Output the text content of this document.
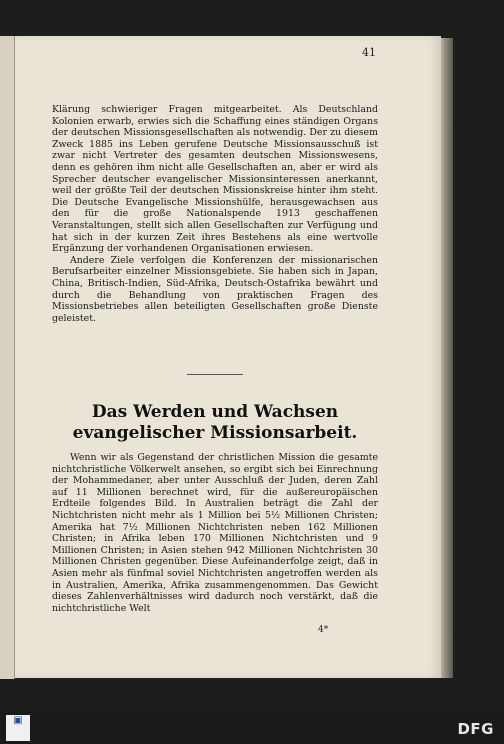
41

Klärung schwieriger Fragen mitgearbeitet. Als Deutschland Kolonien erwarb, erwies sich die Schaffung eines ständigen Organs der deutschen Missionsgesellschaften als notwendig. Der zu diesem Zweck 1885 ins Leben gerufene Deutsche Missionsausschuß ist zwar nicht Vertreter des gesamten deutschen Missionswesens, denn es gehören ihm nicht alle Gesellschaften an, aber er wird als Sprecher deutscher evangelischer Missionsinteressen anerkannt, weil der größte Teil der deutschen Missionskreise hinter ihm steht. Die Deutsche Evangelische Missionshülfe, herausgewachsen aus den für die große Nationalspende 1913 geschaffenen Veranstaltungen, stellt sich allen Gesellschaften zur Verfügung und hat sich in der kurzen Zeit ihres Bestehens als eine wertvolle Ergänzung der vorhandenen Organisationen erwiesen.

Andere Ziele verfolgen die Konferenzen der missionarischen Berufsarbeiter einzelner Missionsgebiete. Sie haben sich in Japan, China, Britisch-Indien, Süd-Afrika, Deutsch-Ostafrika bewährt und durch die Behandlung von praktischen Fragen des Missionsbetriebes allen beteiligten Gesellschaften große Dienste geleistet.

Das Werden und Wachsen evangelischer Missionsarbeit.

Wenn wir als Gegenstand der christlichen Mission die gesamte nichtchristliche Völkerwelt ansehen, so ergibt sich bei Einrechnung der Mohammedaner, aber unter Ausschluß der Juden, deren Zahl auf 11 Millionen berechnet wird, für die außereuropäischen Erdteile folgendes Bild. In Australien beträgt die Zahl der Nichtchristen nicht mehr als 1 Million bei 5½ Millionen Christen; Amerika hat 7½ Millionen Nichtchristen neben 162 Millionen Christen; in Afrika leben 170 Millionen Nichtchristen und 9 Millionen Christen; in Asien stehen 942 Millionen Nichtchristen 30 Millionen Christen gegenüber. Diese Aufeinanderfolge zeigt, daß in Asien mehr als fünfmal soviel Nichtchristen angetroffen werden als in Australien, Amerika, Afrika zusammengenommen. Das Gewicht dieses Zahlenverhältnisses wird dadurch noch verstärkt, daß die nichtchristliche Welt

4*
▣	DFG
